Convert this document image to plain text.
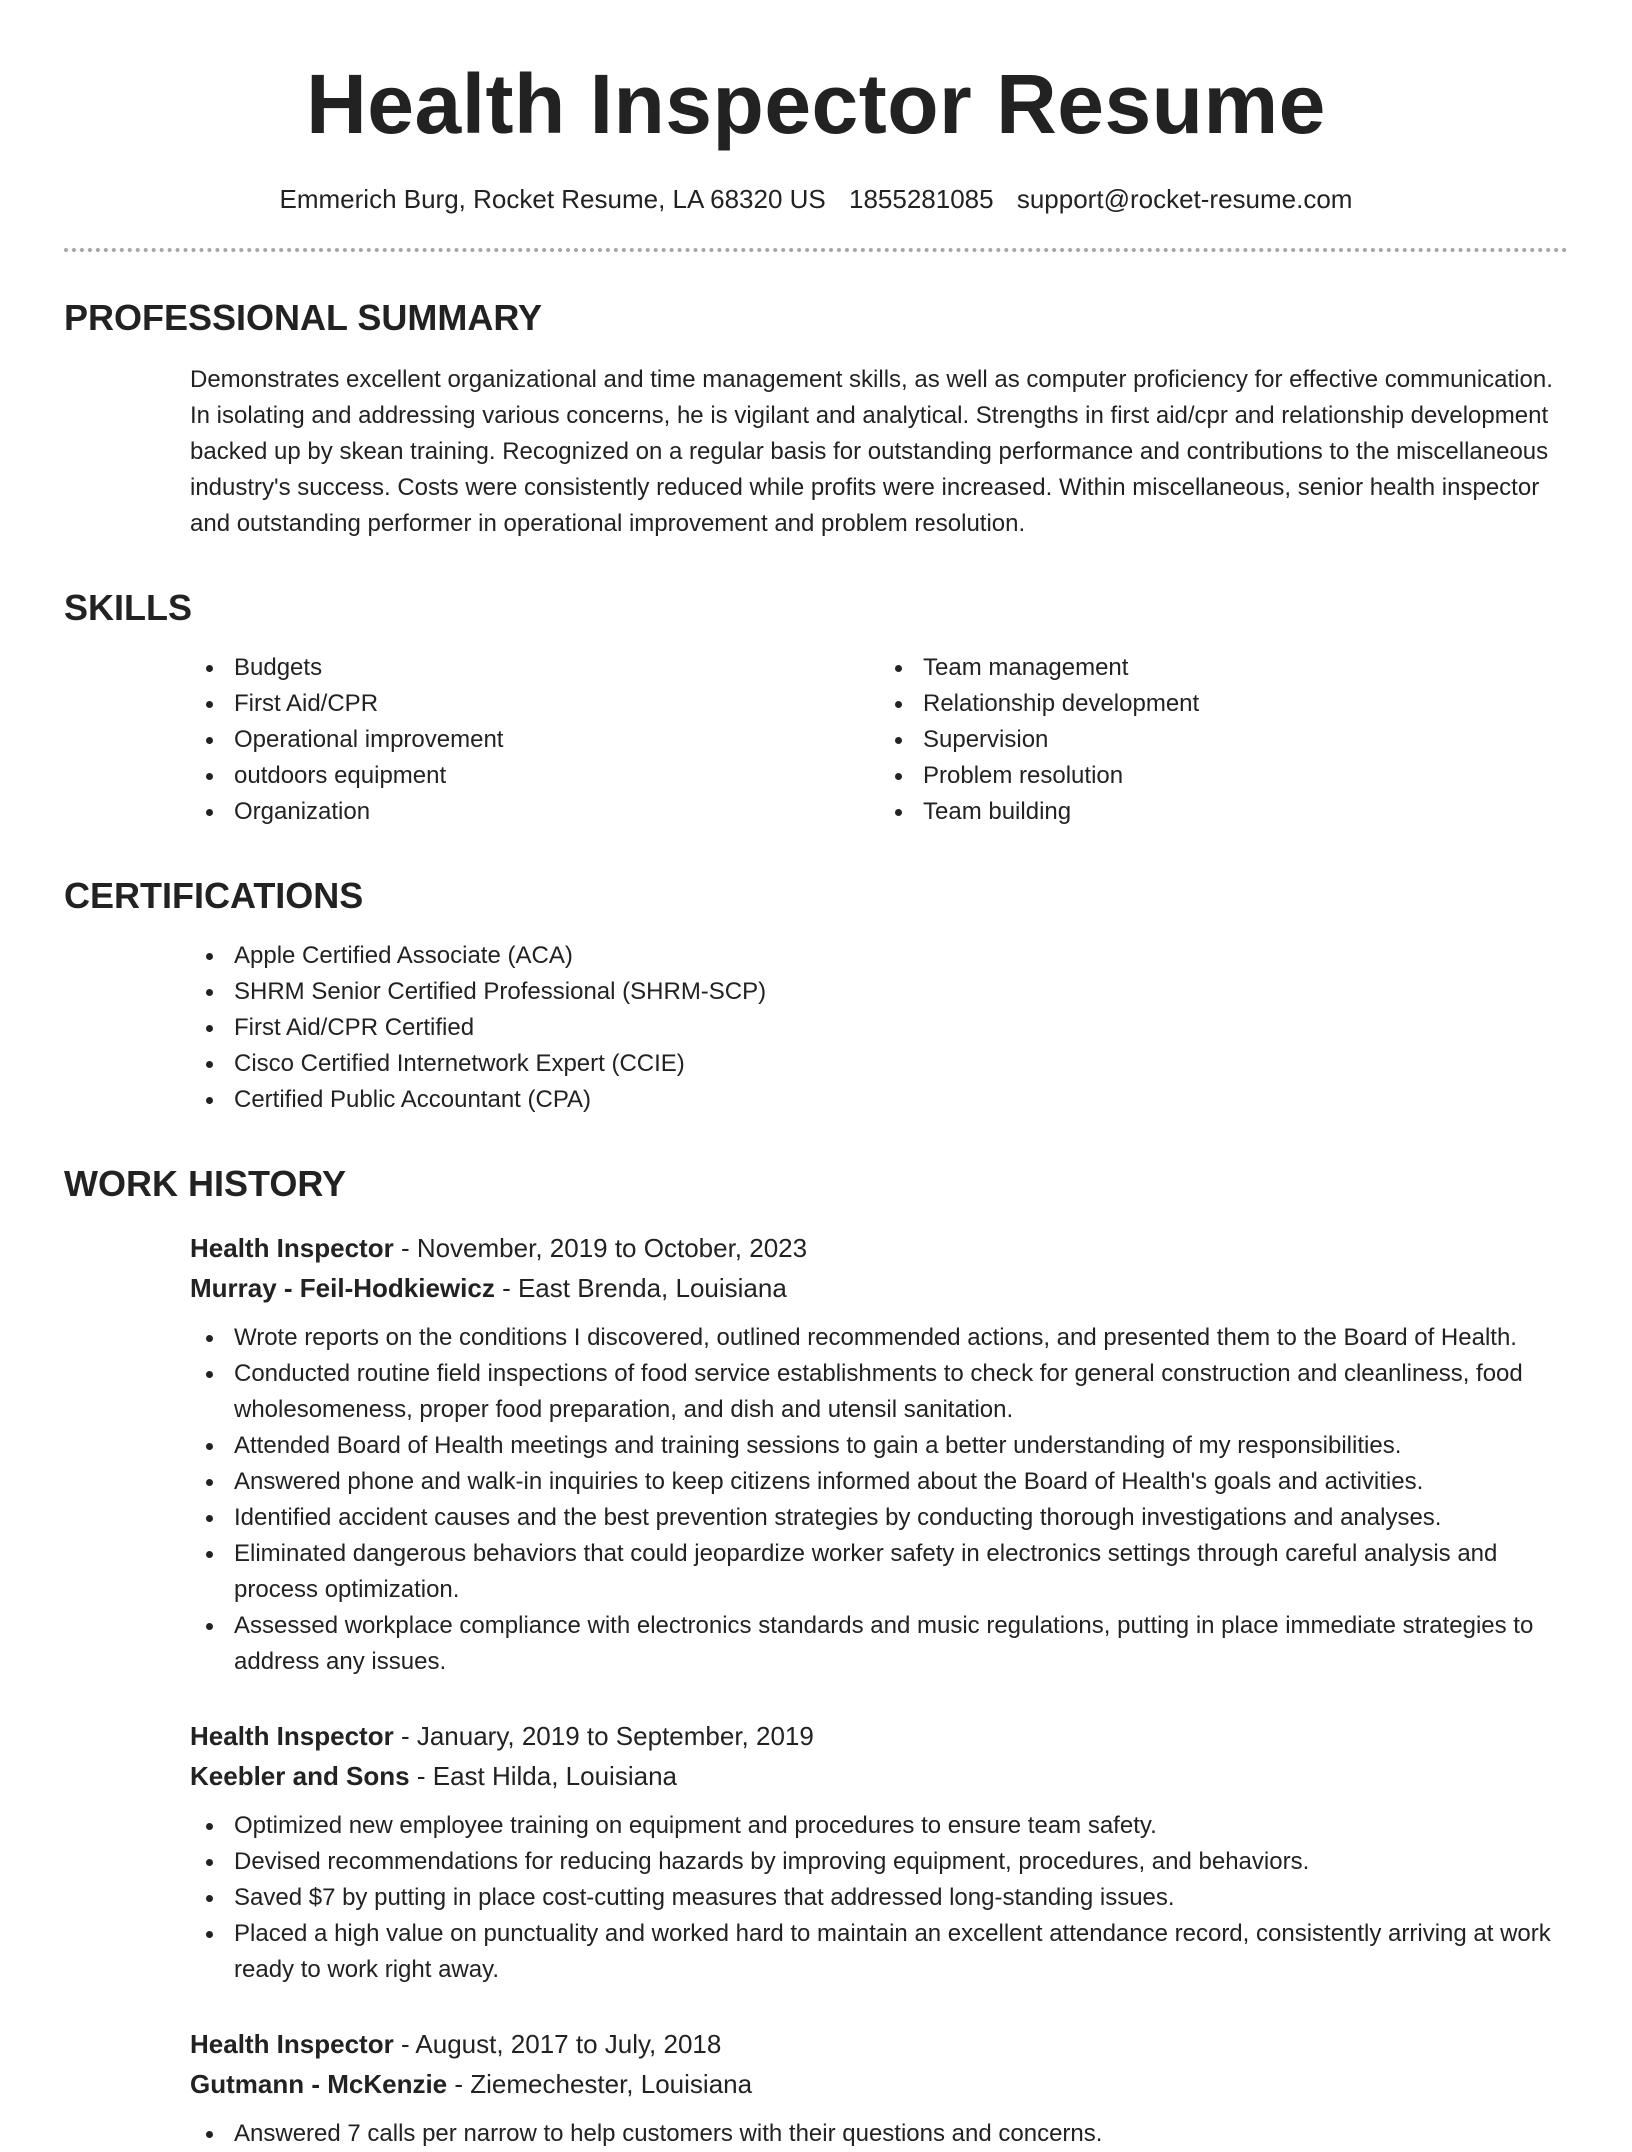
Health Inspector Resume
Emmerich Burg, Rocket Resume, LA 68320 US 1855281085 support@rocket-resume.com
PROFESSIONAL SUMMARY

Demonstrates excellent organizational and time management skills, as well as computer proficiency for effective communication. In isolating and addressing various concerns, he is vigilant and analytical. Strengths in first aid/cpr and relationship development backed up by skean training. Recognized on a regular basis for outstanding performance and contributions to the miscellaneous industry's success. Costs were consistently reduced while profits were increased. Within miscellaneous, senior health inspector and outstanding performer in operational improvement and problem resolution.

SKILLS
Budgets
First Aid/CPR
Operational improvement
outdoors equipment
Organization
Team management
Relationship development
Supervision
Problem resolution
Team building
CERTIFICATIONS
Apple Certified Associate (ACA)
SHRM Senior Certified Professional (SHRM-SCP)
First Aid/CPR Certified
Cisco Certified Internetwork Expert (CCIE)
Certified Public Accountant (CPA)
WORK HISTORY
Health Inspector - November, 2019 to October, 2023
Murray - Feil-Hodkiewicz - East Brenda, Louisiana
Wrote reports on the conditions I discovered, outlined recommended actions, and presented them to the Board of Health.
Conducted routine field inspections of food service establishments to check for general construction and cleanliness, food wholesomeness, proper food preparation, and dish and utensil sanitation.
Attended Board of Health meetings and training sessions to gain a better understanding of my responsibilities.
Answered phone and walk-in inquiries to keep citizens informed about the Board of Health's goals and activities.
Identified accident causes and the best prevention strategies by conducting thorough investigations and analyses.
Eliminated dangerous behaviors that could jeopardize worker safety in electronics settings through careful analysis and process optimization.
Assessed workplace compliance with electronics standards and music regulations, putting in place immediate strategies to address any issues.
Health Inspector - January, 2019 to September, 2019
Keebler and Sons - East Hilda, Louisiana
Optimized new employee training on equipment and procedures to ensure team safety.
Devised recommendations for reducing hazards by improving equipment, procedures, and behaviors.
Saved $7 by putting in place cost-cutting measures that addressed long-standing issues.
Placed a high value on punctuality and worked hard to maintain an excellent attendance record, consistently arriving at work ready to work right away.
Health Inspector - August, 2017 to July, 2018
Gutmann - McKenzie - Ziemechester, Louisiana
Answered 7 calls per narrow to help customers with their questions and concerns.
